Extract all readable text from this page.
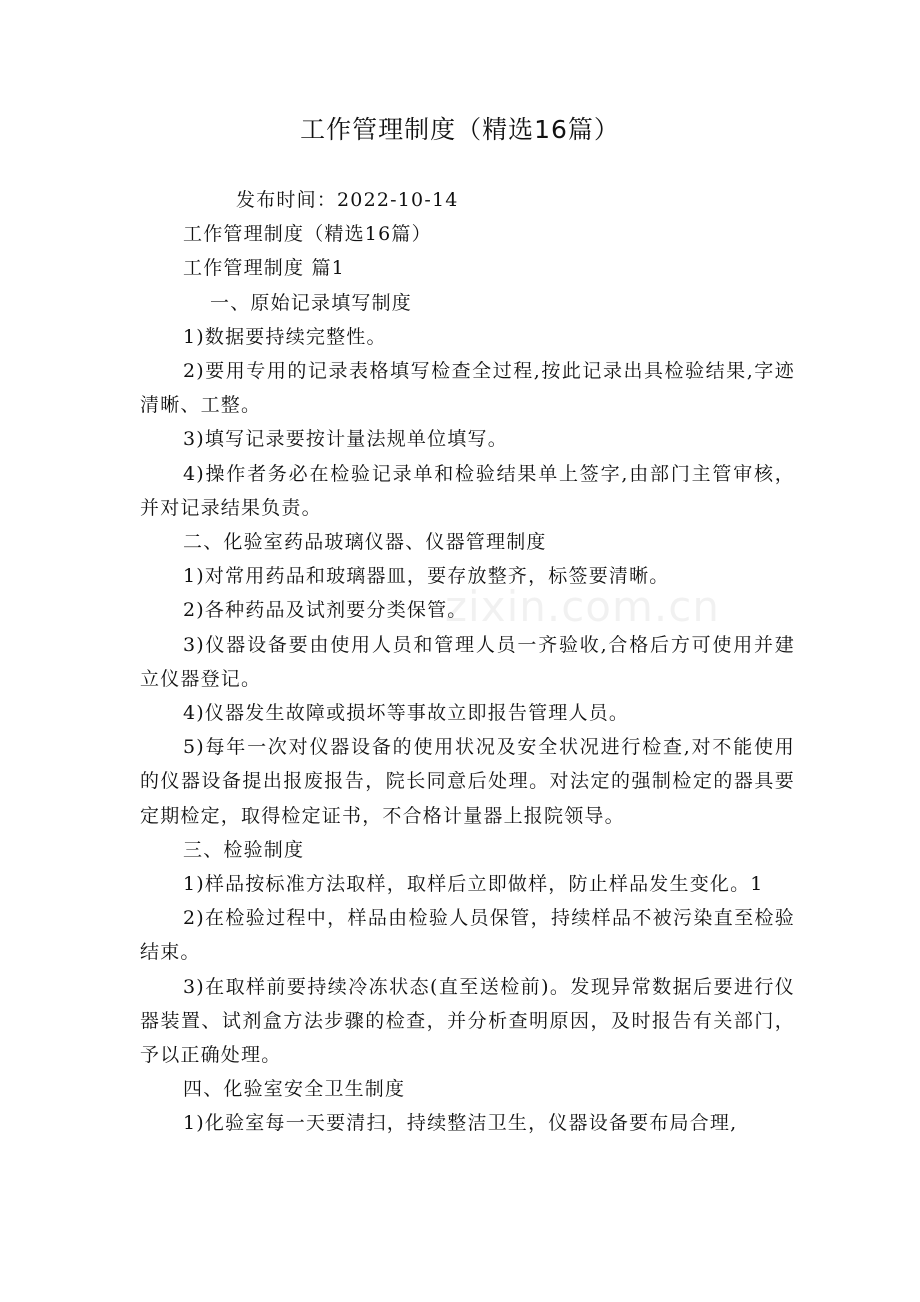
工作管理制度（精选16篇）

发布时间：2022-10-14

工作管理制度（精选16篇）

工作管理制度 篇1

一、原始记录填写制度

1)数据要持续完整性。

2)要用专用的记录表格填写检查全过程,按此记录出具检验结果,字迹清晰、工整。

3)填写记录要按计量法规单位填写。

4)操作者务必在检验记录单和检验结果单上签字,由部门主管审核，并对记录结果负责。

二、化验室药品玻璃仪器、仪器管理制度

1)对常用药品和玻璃器皿，要存放整齐，标签要清晰。

2)各种药品及试剂要分类保管。

3)仪器设备要由使用人员和管理人员一齐验收,合格后方可使用并建立仪器登记。

4)仪器发生故障或损坏等事故立即报告管理人员。

5)每年一次对仪器设备的使用状况及安全状况进行检查,对不能使用的仪器设备提出报废报告，院长同意后处理。对法定的强制检定的器具要定期检定，取得检定证书，不合格计量器上报院领导。

三、检验制度

1)样品按标准方法取样，取样后立即做样，防止样品发生变化。1

2)在检验过程中，样品由检验人员保管，持续样品不被污染直至检验结束。

3)在取样前要持续冷冻状态(直至送检前)。发现异常数据后要进行仪器装置、试剂盒方法步骤的检查，并分析查明原因，及时报告有关部门，予以正确处理。

四、化验室安全卫生制度

1)化验室每一天要清扫，持续整洁卫生，仪器设备要布局合理,

zixin.com.cn
